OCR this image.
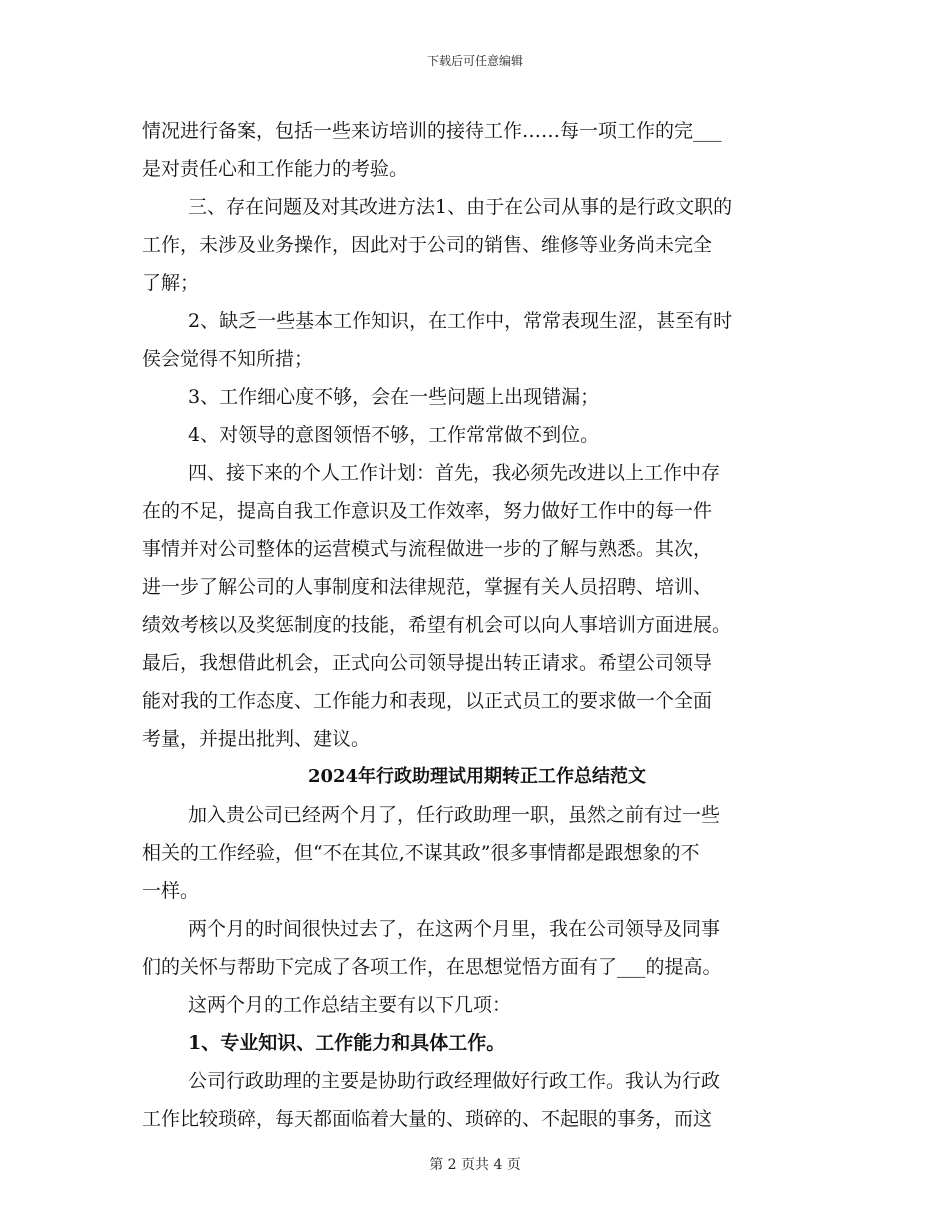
下载后可任意编辑
情况进行备案，包括一些来访培训的接待工作……每一项工作的完___
是对责任心和工作能力的考验。
三、存在问题及对其改进方法1、由于在公司从事的是行政文职的
工作，未涉及业务操作，因此对于公司的销售、维修等业务尚未完全
了解；
2、缺乏一些基本工作知识，在工作中，常常表现生涩，甚至有时
侯会觉得不知所措；
3、工作细心度不够，会在一些问题上出现错漏；
4、对领导的意图领悟不够，工作常常做不到位。
四、接下来的个人工作计划：首先，我必须先改进以上工作中存
在的不足，提高自我工作意识及工作效率，努力做好工作中的每一件
事情并对公司整体的运营模式与流程做进一步的了解与熟悉。其次，
进一步了解公司的人事制度和法律规范，掌握有关人员招聘、培训、
绩效考核以及奖惩制度的技能，希望有机会可以向人事培训方面进展。
最后，我想借此机会，正式向公司领导提出转正请求。希望公司领导
能对我的工作态度、工作能力和表现，以正式员工的要求做一个全面
考量，并提出批判、建议。
2024年行政助理试用期转正工作总结范文
加入贵公司已经两个月了，任行政助理一职，虽然之前有过一些
相关的工作经验，但“不在其位,不谋其政”很多事情都是跟想象的不
一样。
两个月的时间很快过去了，在这两个月里，我在公司领导及同事
们的关怀与帮助下完成了各项工作，在思想觉悟方面有了___的提高。
这两个月的工作总结主要有以下几项：
1、专业知识、工作能力和具体工作。
公司行政助理的主要是协助行政经理做好行政工作。我认为行政
工作比较琐碎，每天都面临着大量的、琐碎的、不起眼的事务，而这
第 2 页共 4 页
